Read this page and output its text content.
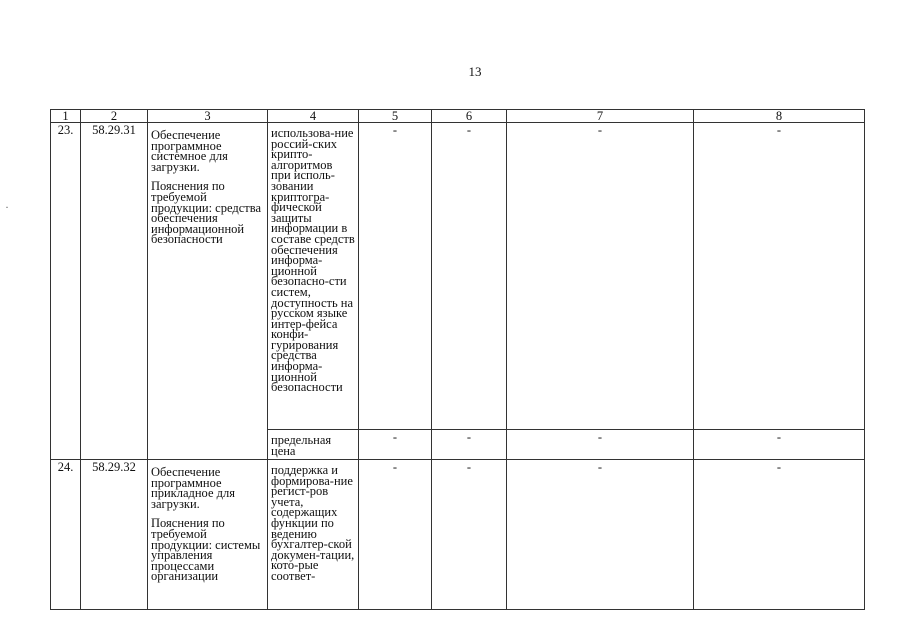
13
·
1	2	3	4	5	6	7	8
23.	58.29.31	Обеспечение программное системное для загрузки.
Пояснения по требуемой продукции: средства обеспечения информационной безопасности	использова-ние россий-ских крипто-алгоритмов при исполь-зовании криптогра-фической защиты информации в составе средств обеспечения информа-ционной безопасно-сти систем, доступность на русском языке интер-фейса конфи-гурирования средства информа-ционной безопасности	-	-	-	-

			предельная цена	-	-	-	-
24.	58.29.32	Обеспечение программное прикладное для загрузки.
Пояснения по требуемой продукции: системы управления процессами организации	поддержка и формирова-ние регист-ров учета, содержащих функции по ведению бухгалтер-ской докумен-тации, кото-рые соответ-	-	-	-	-
